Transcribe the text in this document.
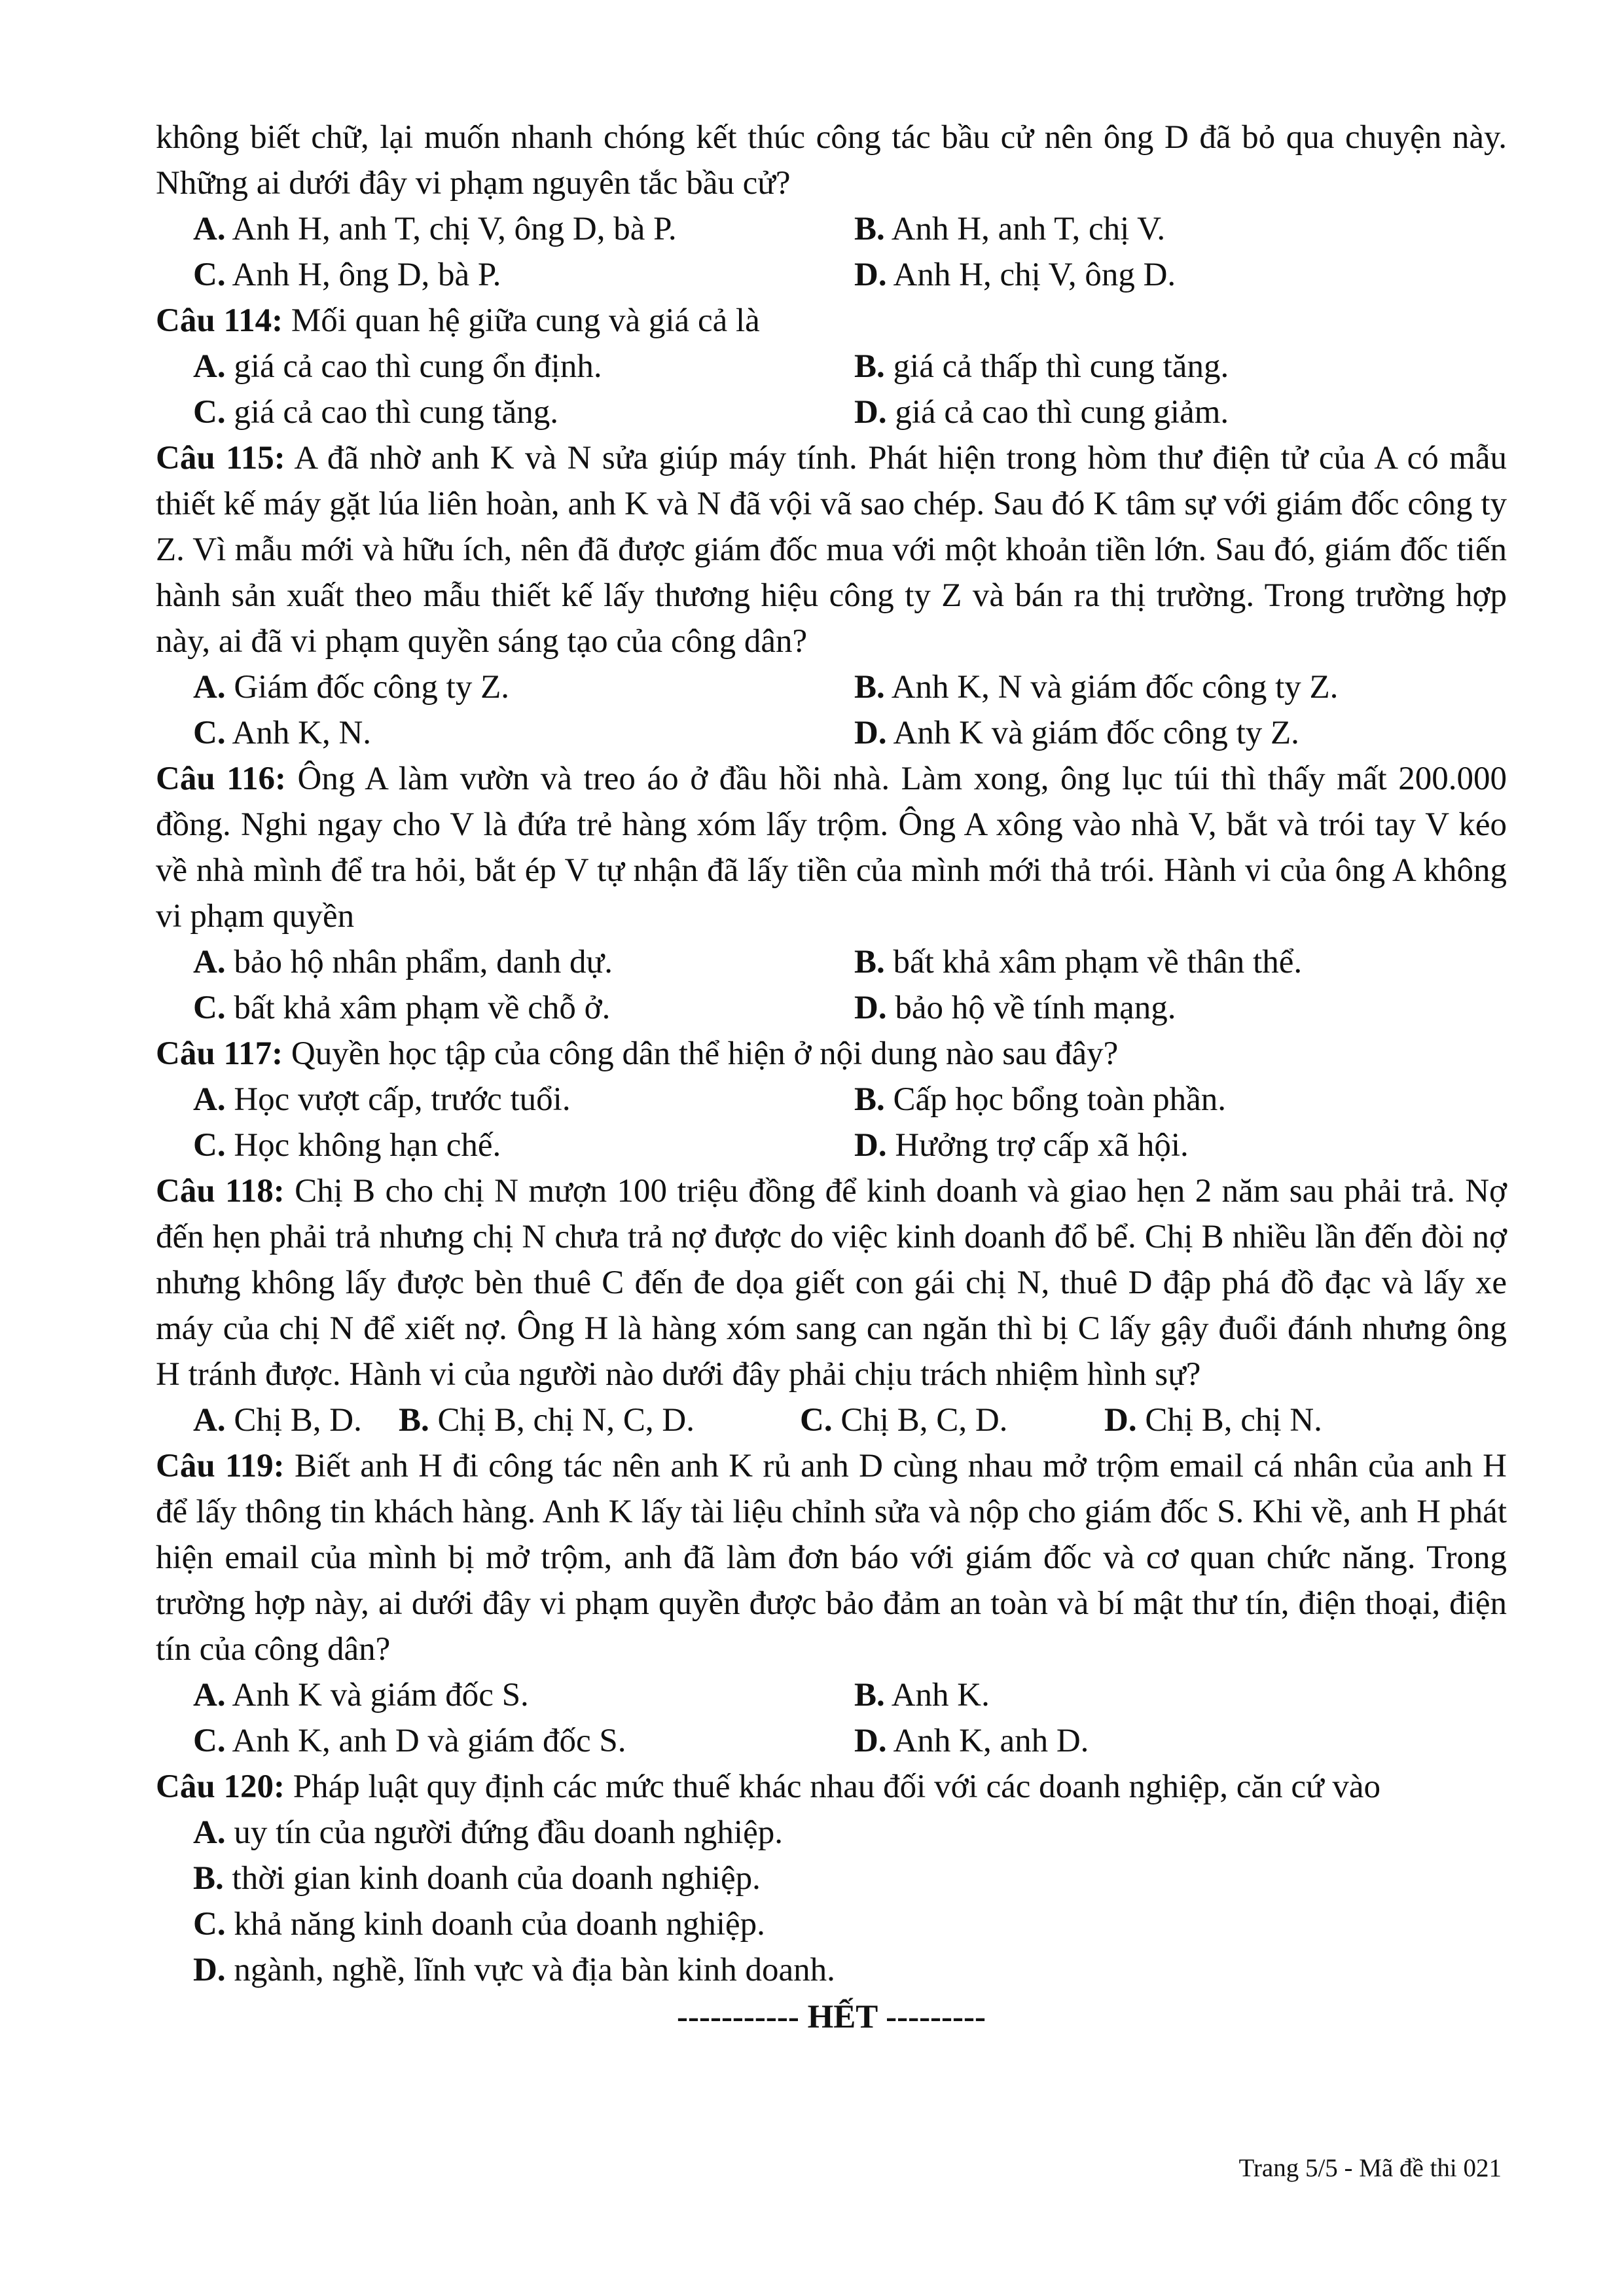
không biết chữ, lại muốn nhanh chóng kết thúc công tác bầu cử nên ông D đã bỏ qua chuyện này. Những ai dưới đây vi phạm nguyên tắc bầu cử?

A. Anh H, anh T, chị V, ông D, bà P.	B. Anh H, anh T, chị V.
C. Anh H, ông D, bà P.	D. Anh H, chị V, ông D.

Câu 114: Mối quan hệ giữa cung và giá cả là

A. giá cả cao thì cung ổn định.	B. giá cả thấp thì cung tăng.
C. giá cả cao thì cung tăng.	D. giá cả cao thì cung giảm.

Câu 115: A đã nhờ anh K và N sửa giúp máy tính. Phát hiện trong hòm thư điện tử của A có mẫu thiết kế máy gặt lúa liên hoàn, anh K và N đã vội vã sao chép. Sau đó K tâm sự với giám đốc công ty Z. Vì mẫu mới và hữu ích, nên đã được giám đốc mua với một khoản tiền lớn. Sau đó, giám đốc tiến hành sản xuất theo mẫu thiết kế lấy thương hiệu công ty Z và bán ra thị trường. Trong trường hợp này, ai đã vi phạm quyền sáng tạo của công dân?

A. Giám đốc công ty Z.	B. Anh K, N và giám đốc công ty Z.
C. Anh K, N.	D. Anh K và giám đốc công ty Z.

Câu 116: Ông A làm vườn và treo áo ở đầu hồi nhà. Làm xong, ông lục túi thì thấy mất 200.000 đồng. Nghi ngay cho V là đứa trẻ hàng xóm lấy trộm. Ông A xông vào nhà V, bắt và trói tay V kéo về nhà mình để tra hỏi, bắt ép V tự nhận đã lấy tiền của mình mới thả trói. Hành vi của ông A không vi phạm quyền

A. bảo hộ nhân phẩm, danh dự.	B. bất khả xâm phạm về thân thể.
C. bất khả xâm phạm về chỗ ở.	D. bảo hộ về tính mạng.

Câu 117: Quyền học tập của công dân thể hiện ở nội dung nào sau đây?

A. Học vượt cấp, trước tuổi.	B. Cấp học bổng toàn phần.
C. Học không hạn chế.	D. Hưởng trợ cấp xã hội.

Câu 118: Chị B cho chị N mượn 100 triệu đồng để kinh doanh và giao hẹn 2 năm sau phải trả. Nợ đến hẹn phải trả nhưng chị N chưa trả nợ được do việc kinh doanh đổ bể. Chị B nhiều lần đến đòi nợ nhưng không lấy được bèn thuê C đến đe dọa giết con gái chị N, thuê D đập phá đồ đạc và lấy xe máy của chị N để xiết nợ. Ông H là hàng xóm sang can ngăn thì bị C lấy gậy đuổi đánh nhưng ông H tránh được. Hành vi của người nào dưới đây phải chịu trách nhiệm hình sự?

A. Chị B, D.	B. Chị B, chị N, C, D.	C. Chị B, C, D.	D. Chị B, chị N.

Câu 119: Biết anh H đi công tác nên anh K rủ anh D cùng nhau mở trộm email cá nhân của anh H để lấy thông tin khách hàng. Anh K lấy tài liệu chỉnh sửa và nộp cho giám đốc S. Khi về, anh H phát hiện email của mình bị mở trộm, anh đã làm đơn báo với giám đốc và cơ quan chức năng. Trong trường hợp này, ai dưới đây vi phạm quyền được bảo đảm an toàn và bí mật thư tín, điện thoại, điện tín của công dân?

A. Anh K và giám đốc S.	B. Anh K.
C. Anh K, anh D và giám đốc S.	D. Anh K, anh D.

Câu 120: Pháp luật quy định các mức thuế khác nhau đối với các doanh nghiệp, căn cứ vào

A. uy tín của người đứng đầu doanh nghiệp.
B. thời gian kinh doanh của doanh nghiệp.
C. khả năng kinh doanh của doanh nghiệp.
D. ngành, nghề, lĩnh vực và địa bàn kinh doanh.
----------- HẾT ---------
Trang 5/5 - Mã đề thi 021
